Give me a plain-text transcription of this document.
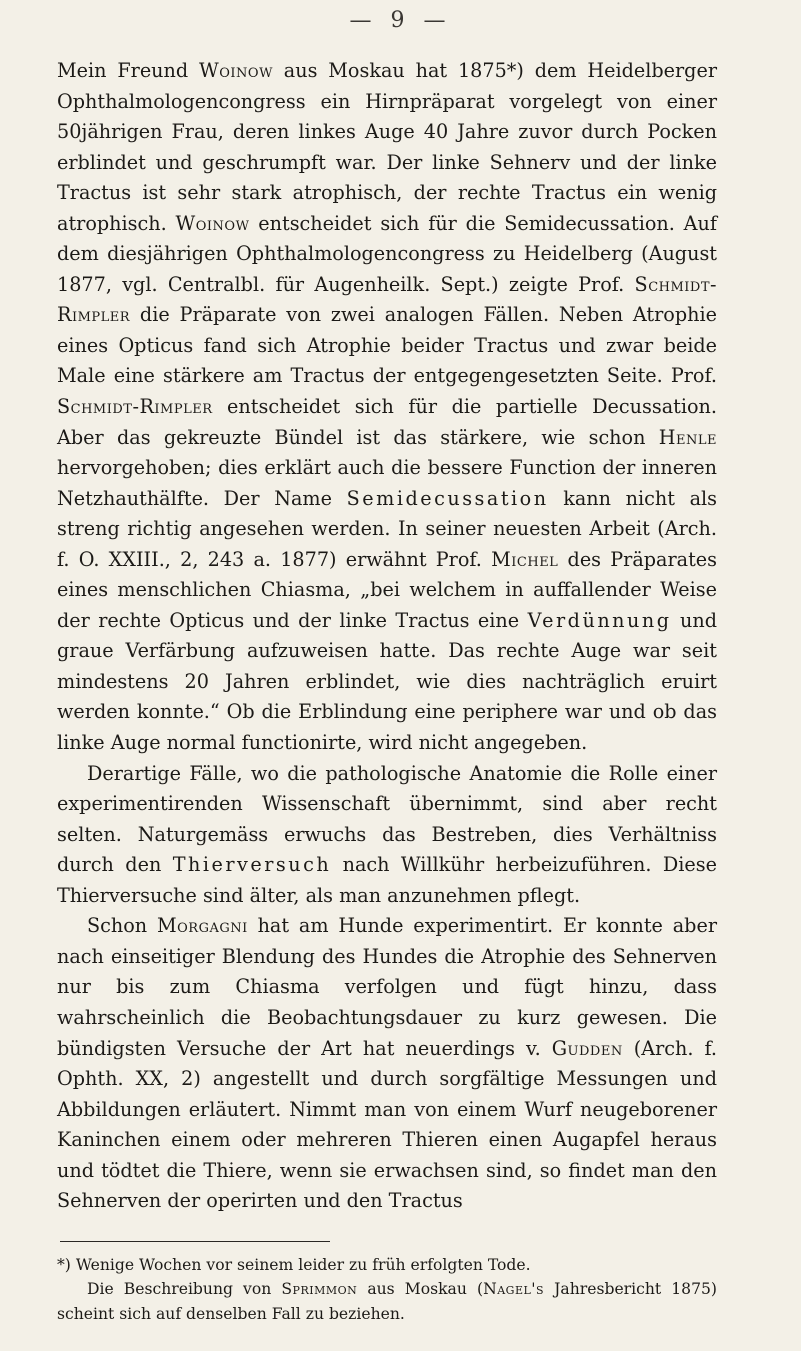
— 9 —

Mein Freund Woinow aus Moskau hat 1875*) dem Heidelberger Ophthalmologencongress ein Hirnpräparat vorgelegt von einer 50jährigen Frau, deren linkes Auge 40 Jahre zuvor durch Pocken erblindet und geschrumpft war. Der linke Sehnerv und der linke Tractus ist sehr stark atrophisch, der rechte Tractus ein wenig atrophisch. Woinow entscheidet sich für die Semidecussation. Auf dem diesjährigen Ophthalmologencongress zu Heidelberg (August 1877, vgl. Centralbl. für Augenheilk. Sept.) zeigte Prof. Schmidt-Rimpler die Präparate von zwei analogen Fällen. Neben Atrophie eines Opticus fand sich Atrophie beider Tractus und zwar beide Male eine stärkere am Tractus der entgegengesetzten Seite. Prof. Schmidt-Rimpler entscheidet sich für die partielle Decussation. Aber das gekreuzte Bündel ist das stärkere, wie schon Henle hervorgehoben; dies erklärt auch die bessere Function der inneren Netzhauthälfte. Der Name Semidecussation kann nicht als streng richtig angesehen werden. In seiner neuesten Arbeit (Arch. f. O. XXIII., 2, 243 a. 1877) erwähnt Prof. Michel des Präparates eines menschlichen Chiasma, „bei welchem in auffallender Weise der rechte Opticus und der linke Tractus eine Verdünnung und graue Verfärbung aufzuweisen hatte. Das rechte Auge war seit mindestens 20 Jahren erblindet, wie dies nachträglich eruirt werden konnte.“ Ob die Erblindung eine periphere war und ob das linke Auge normal functionirte, wird nicht angegeben.

Derartige Fälle, wo die pathologische Anatomie die Rolle einer experimentirenden Wissenschaft übernimmt, sind aber recht selten. Naturgemäss erwuchs das Bestreben, dies Verhältniss durch den Thierversuch nach Willkühr herbeizuführen. Diese Thierversuche sind älter, als man anzunehmen pflegt.

Schon Morgagni hat am Hunde experimentirt. Er konnte aber nach einseitiger Blendung des Hundes die Atrophie des Sehnerven nur bis zum Chiasma verfolgen und fügt hinzu, dass wahrscheinlich die Beobachtungsdauer zu kurz gewesen. Die bündigsten Versuche der Art hat neuerdings v. Gudden (Arch. f. Ophth. XX, 2) angestellt und durch sorgfältige Messungen und Abbildungen erläutert. Nimmt man von einem Wurf neugeborener Kaninchen einem oder mehreren Thieren einen Augapfel heraus und tödtet die Thiere, wenn sie erwachsen sind, so findet man den Sehnerven der operirten und den Tractus

*) Wenige Wochen vor seinem leider zu früh erfolgten Tode.

Die Beschreibung von Sprimmon aus Moskau (Nagel's Jahresbericht 1875) scheint sich auf denselben Fall zu beziehen.
